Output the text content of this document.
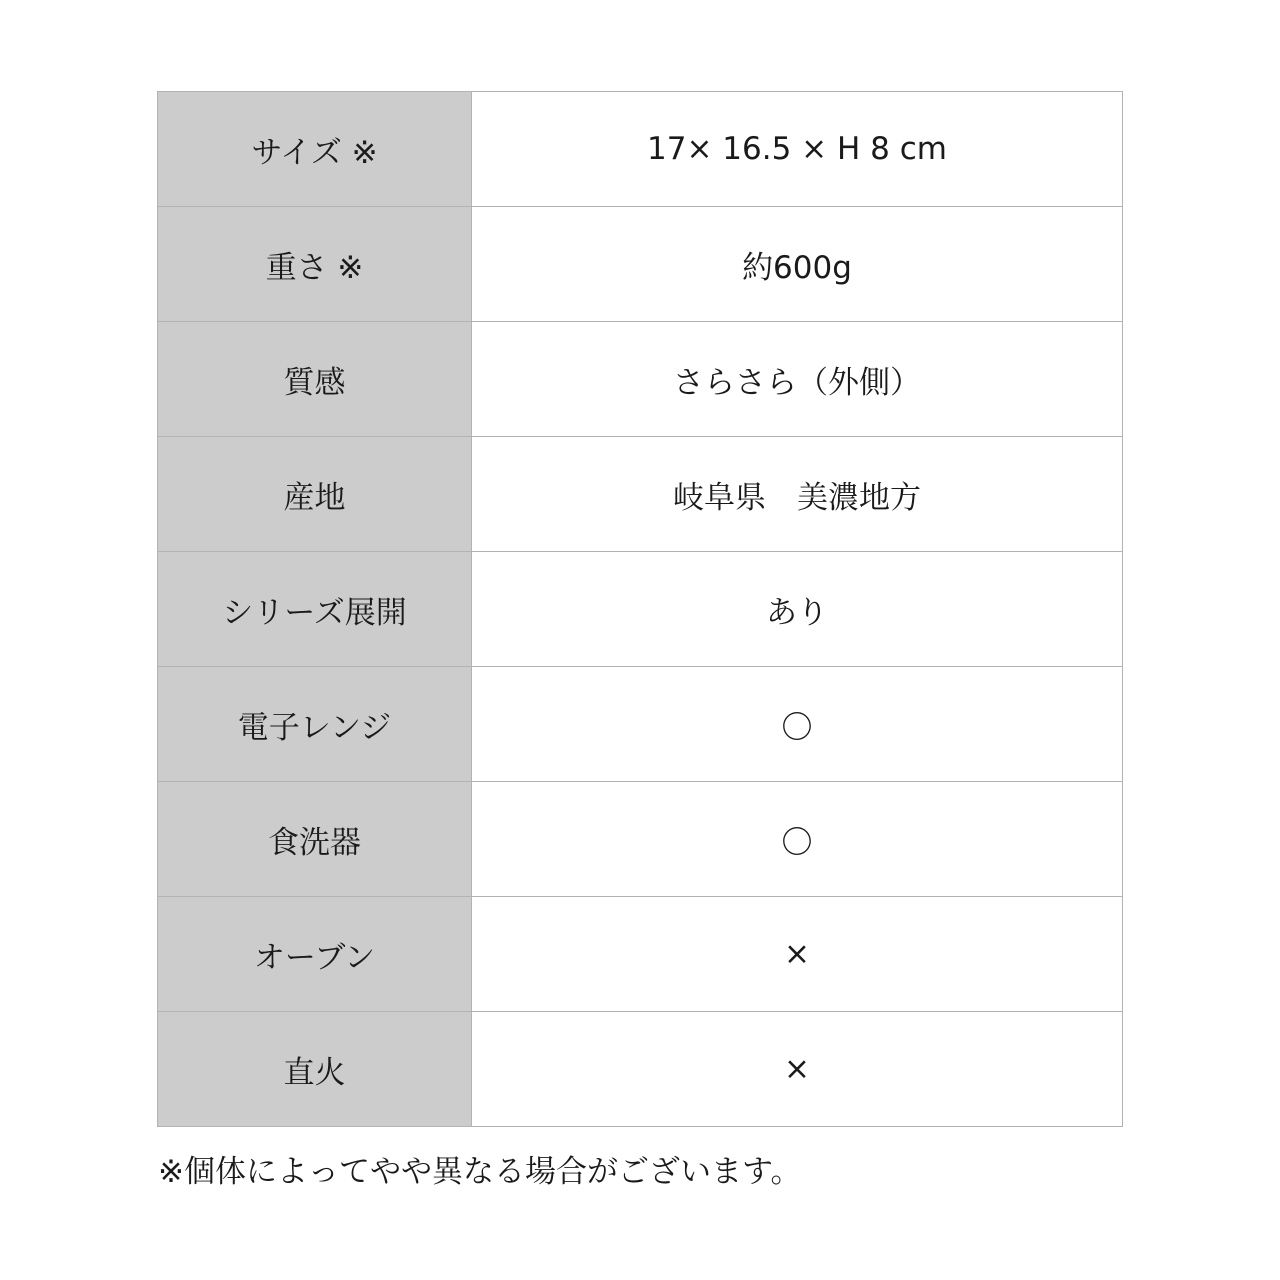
サイズ ※	17× 16.5 × H 8 cm
重さ ※	約600g
質感	さらさら（外側）
産地	岐阜県　美濃地方
シリーズ展開	あり
電子レンジ	〇
食洗器	〇
オーブン	×
直火	×
※個体によってやや異なる場合がございます。
